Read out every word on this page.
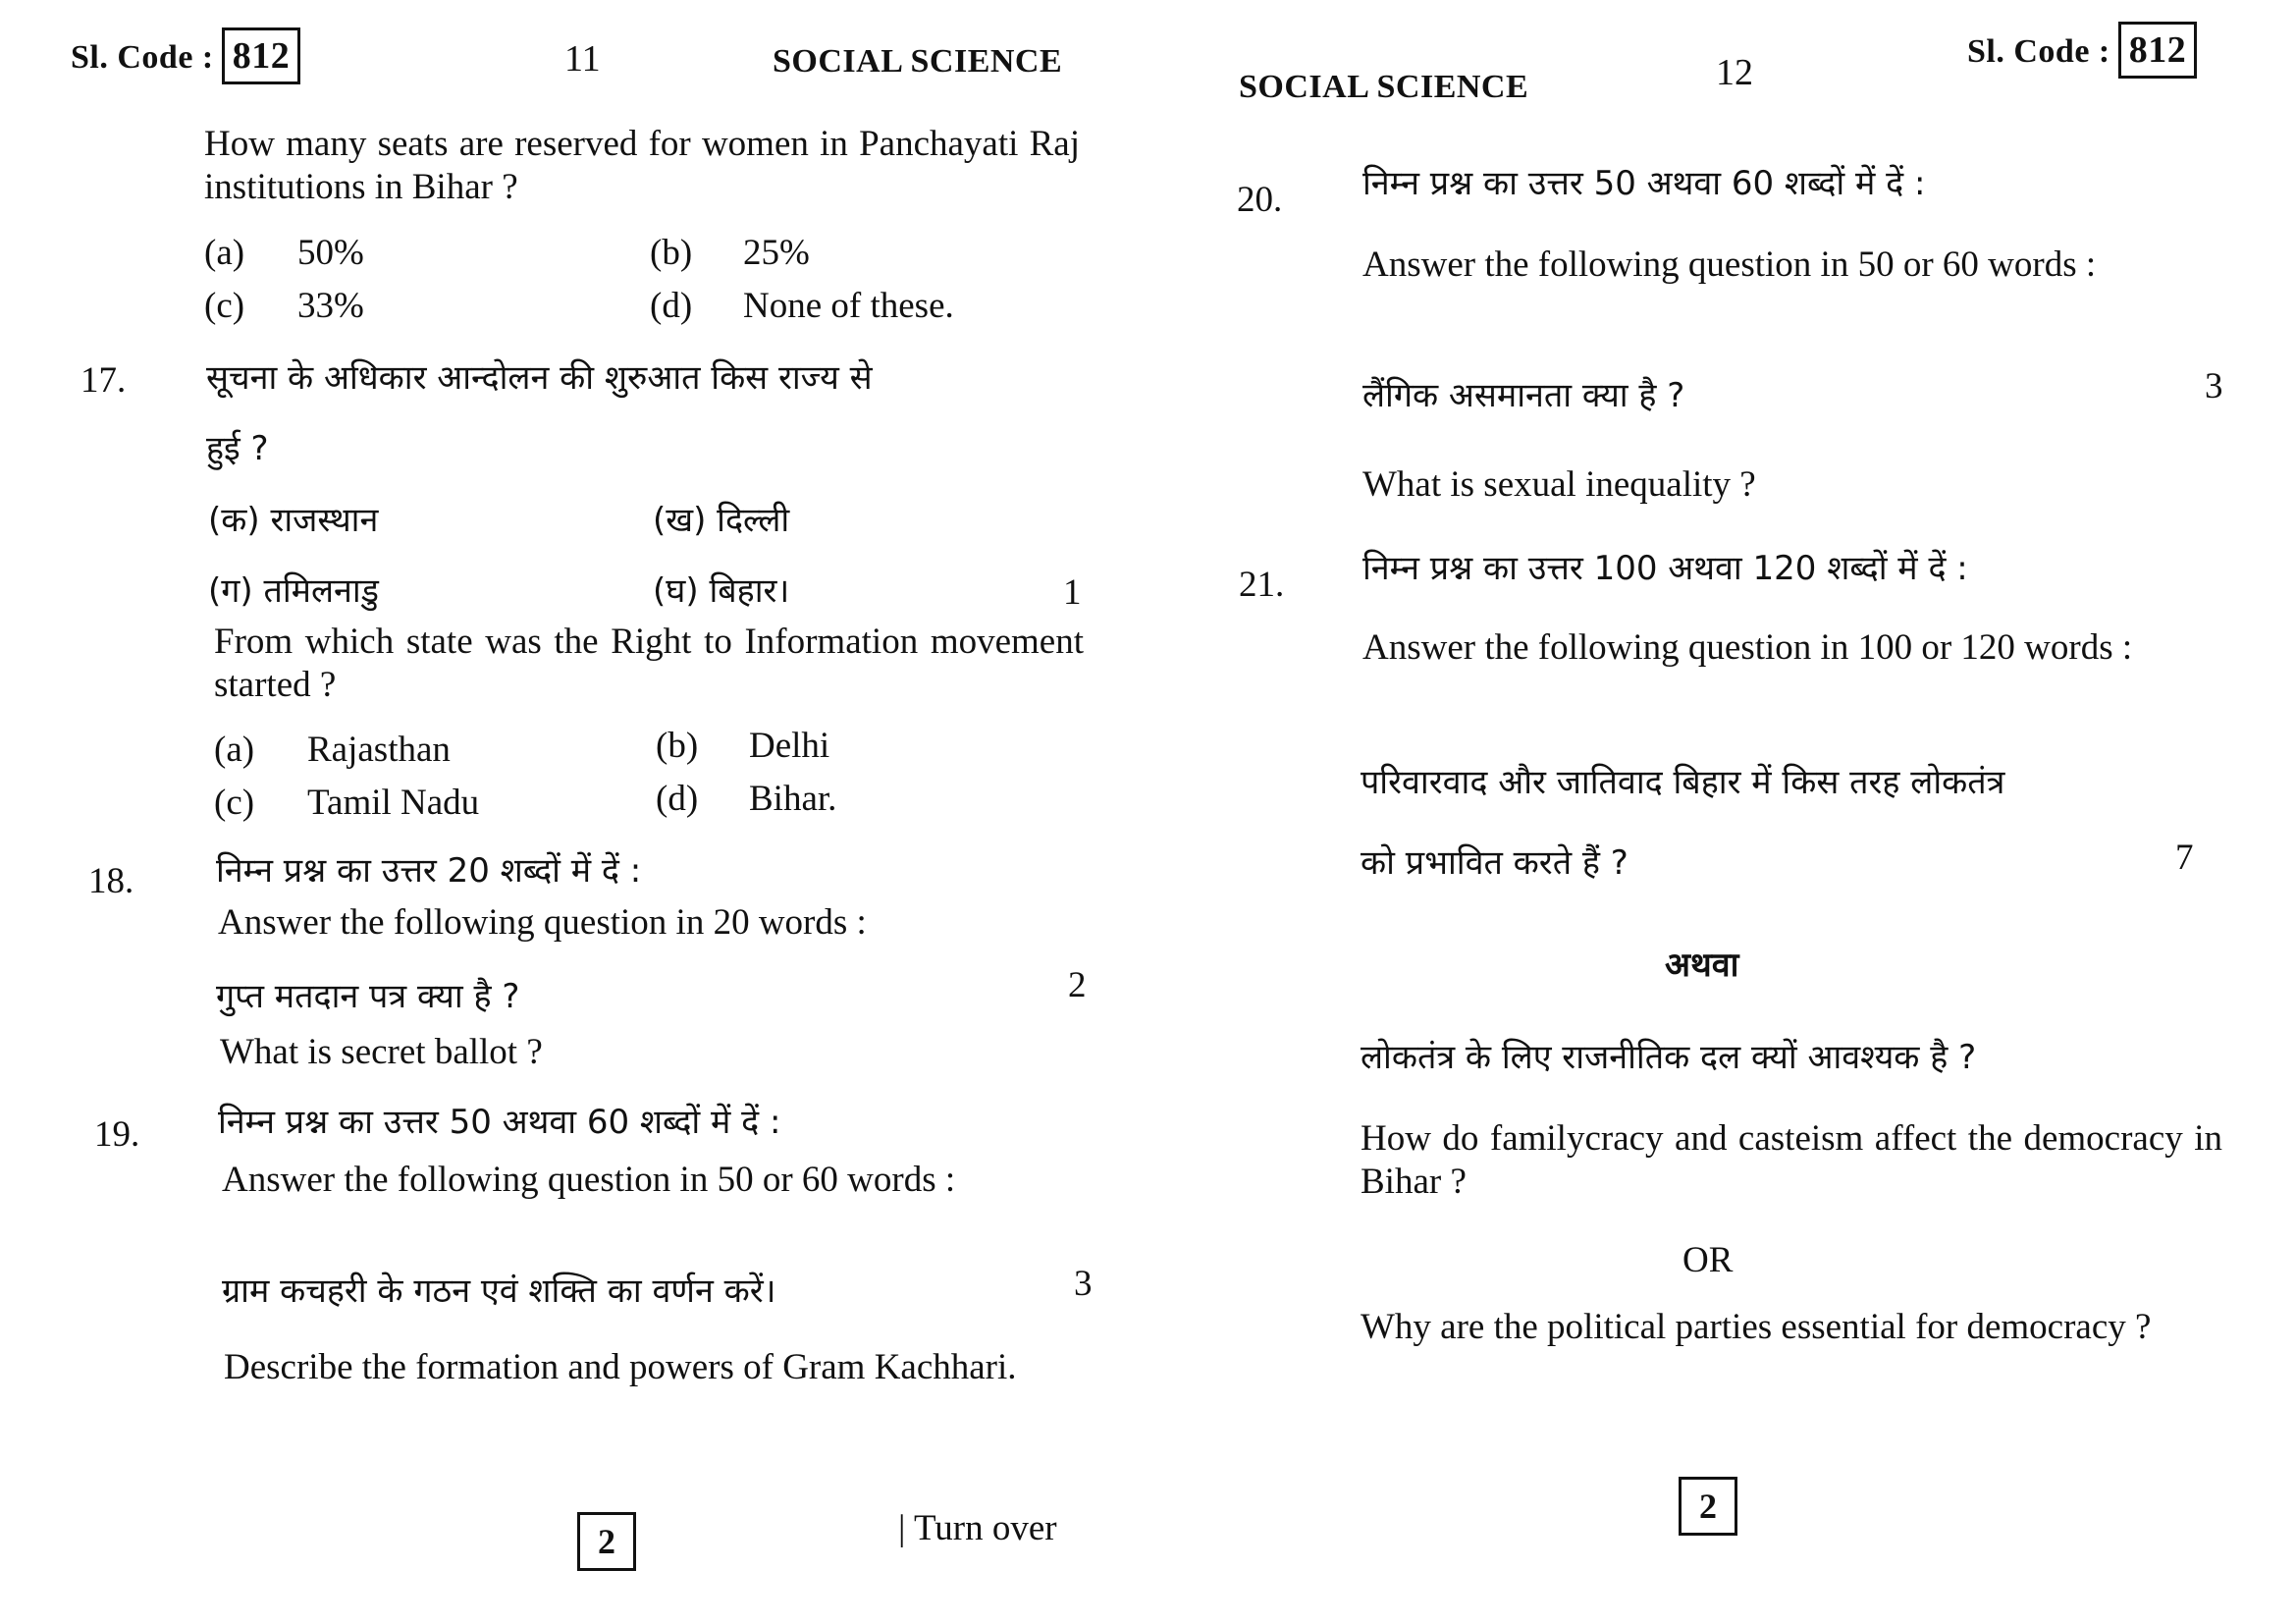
Sl. Code : 812	11	SOCIAL SCIENCE
How many seats are reserved for women in Panchayati Raj institutions in Bihar ?
(a) 50%	(b) 25%
(c) 33%	(d) None of these.
17. सूचना के अधिकार आन्दोलन की शुरुआत किस राज्य से
हुई ?
(क) राजस्थान	(ख) दिल्ली
(ग) तमिलनाडु	(घ) बिहार।	1
From which state was the Right to Information movement started ?
(a) Rajasthan	(b) Delhi
(c) Tamil Nadu	(d) Bihar.
18. निम्न प्रश्न का उत्तर 20 शब्दों में दें :
Answer the following question in 20 words :
गुप्त मतदान पत्र क्या है ?	2
What is secret ballot ?
19. निम्न प्रश्न का उत्तर 50 अथवा 60 शब्दों में दें :
Answer the following question in 50 or 60 words :
ग्राम कचहरी के गठन एवं शक्ति का वर्णन करें।	3
Describe the formation and powers of Gram Kachhari.
2	| Turn over
SOCIAL SCIENCE	12
Sl. Code : 812
20. निम्न प्रश्न का उत्तर 50 अथवा 60 शब्दों में दें :
Answer the following question in 50 or 60 words :
लैंगिक असमानता क्या है ?	3
What is sexual inequality ?
21. निम्न प्रश्न का उत्तर 100 अथवा 120 शब्दों में दें :
Answer the following question in 100 or 120 words :
परिवारवाद और जातिवाद बिहार में किस तरह लोकतंत्र
को प्रभावित करते हैं ?	7
अथवा
लोकतंत्र के लिए राजनीतिक दल क्यों आवश्यक है ?
How do familycracy and casteism affect the democracy in Bihar ?
OR
Why are the political parties essential for democracy ?
2
